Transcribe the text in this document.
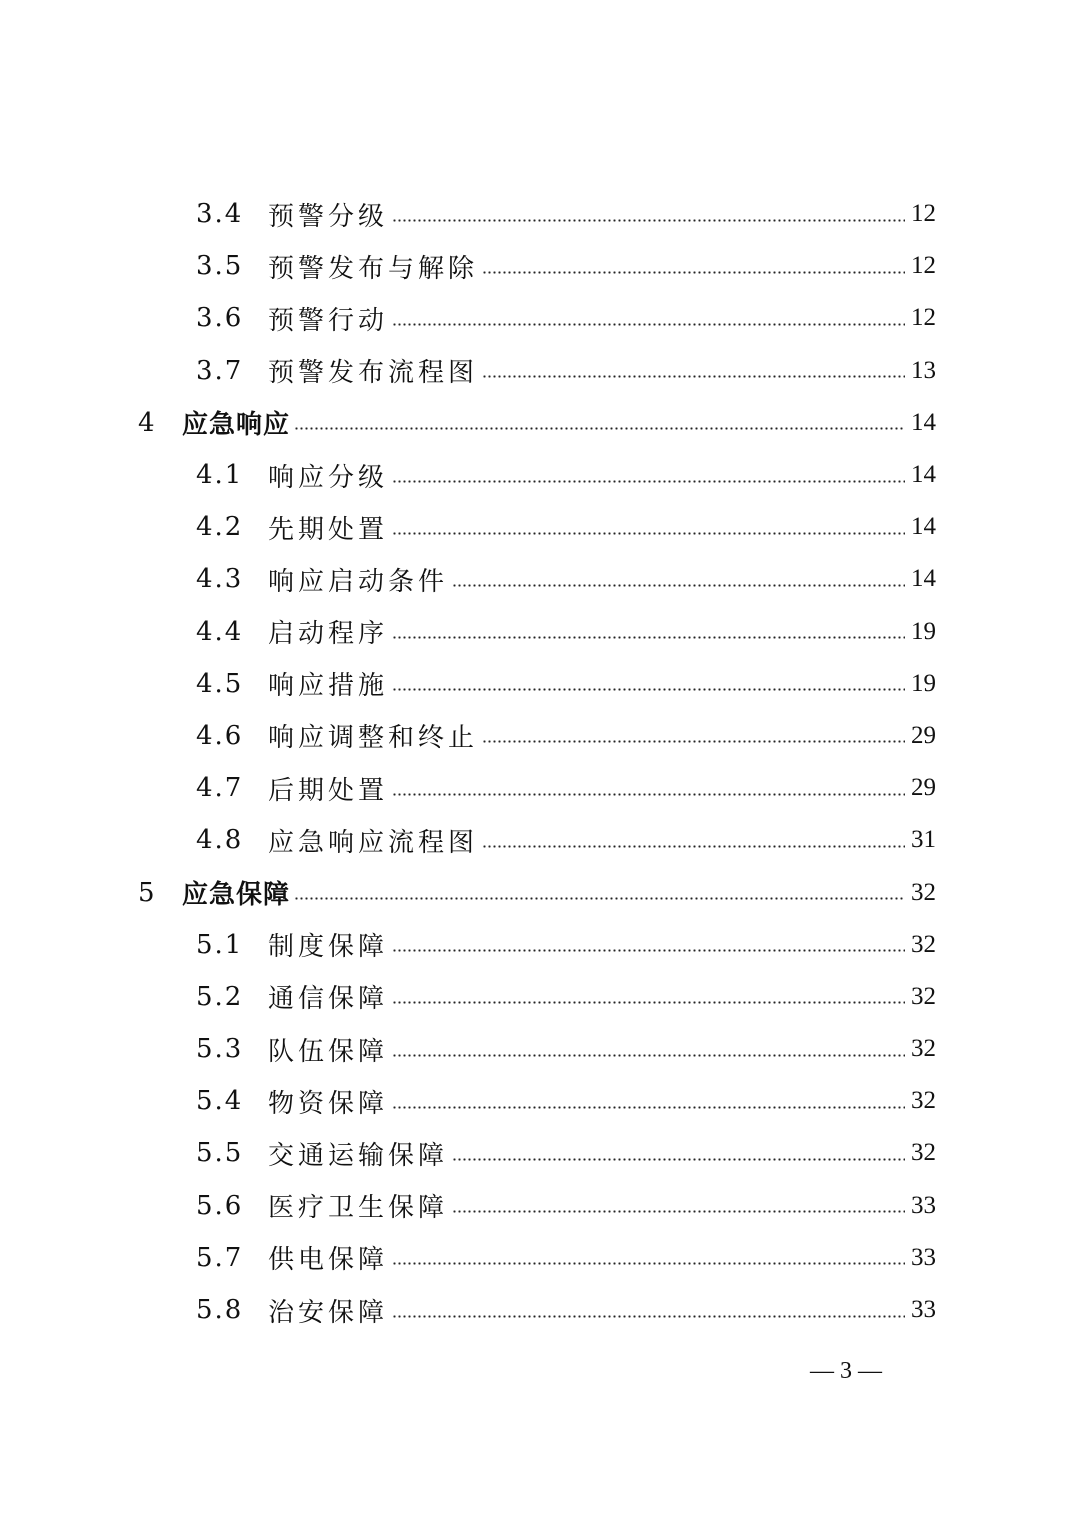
3.4 预警分级	12
3.5 预警发布与解除	12
3.6 预警行动	12
3.7 预警发布流程图	13
4 应急响应	14
4.1 响应分级	14
4.2 先期处置	14
4.3 响应启动条件	14
4.4 启动程序	19
4.5 响应措施	19
4.6 响应调整和终止	29
4.7 后期处置	29
4.8 应急响应流程图	31
5 应急保障	32
5.1 制度保障	32
5.2 通信保障	32
5.3 队伍保障	32
5.4 物资保障	32
5.5 交通运输保障	32
5.6 医疗卫生保障	33
5.7 供电保障	33
5.8 治安保障	33
— 3 —
